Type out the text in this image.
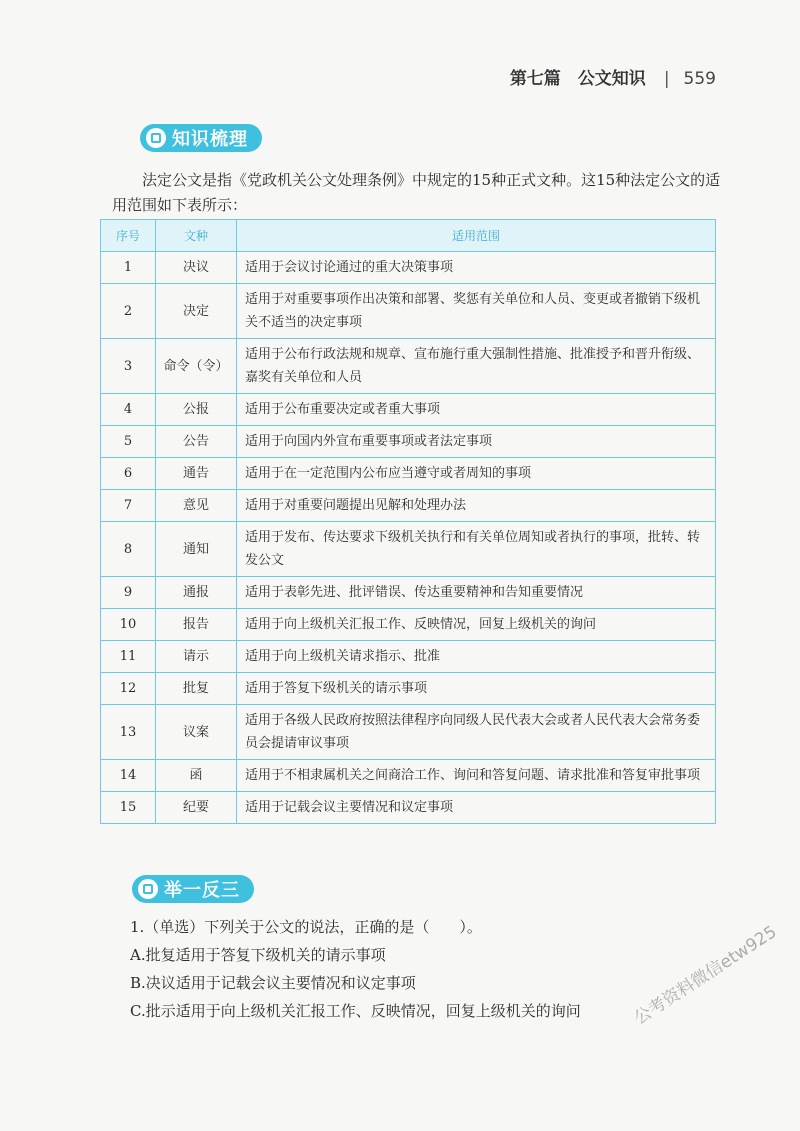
第七篇　公文知识 | 559
知识梳理
法定公文是指《党政机关公文处理条例》中规定的15种正式文种。这15种法定公文的适用范围如下表所示：
序号	文种	适用范围
1	决议	适用于会议讨论通过的重大决策事项
2	决定	适用于对重要事项作出决策和部署、奖惩有关单位和人员、变更或者撤销下级机关不适当的决定事项
3	命令（令）	适用于公布行政法规和规章、宣布施行重大强制性措施、批准授予和晋升衔级、嘉奖有关单位和人员
4	公报	适用于公布重要决定或者重大事项
5	公告	适用于向国内外宣布重要事项或者法定事项
6	通告	适用于在一定范围内公布应当遵守或者周知的事项
7	意见	适用于对重要问题提出见解和处理办法
8	通知	适用于发布、传达要求下级机关执行和有关单位周知或者执行的事项，批转、转发公文
9	通报	适用于表彰先进、批评错误、传达重要精神和告知重要情况
10	报告	适用于向上级机关汇报工作、反映情况，回复上级机关的询问
11	请示	适用于向上级机关请求指示、批准
12	批复	适用于答复下级机关的请示事项
13	议案	适用于各级人民政府按照法律程序向同级人民代表大会或者人民代表大会常务委员会提请审议事项
14	函	适用于不相隶属机关之间商洽工作、询问和答复问题、请求批准和答复审批事项
15	纪要	适用于记载会议主要情况和议定事项
举一反三
1.（单选）下列关于公文的说法，正确的是（　　）。
A.批复适用于答复下级机关的请示事项
B.决议适用于记载会议主要情况和议定事项
C.批示适用于向上级机关汇报工作、反映情况，回复上级机关的询问	公考资料微信etw925
